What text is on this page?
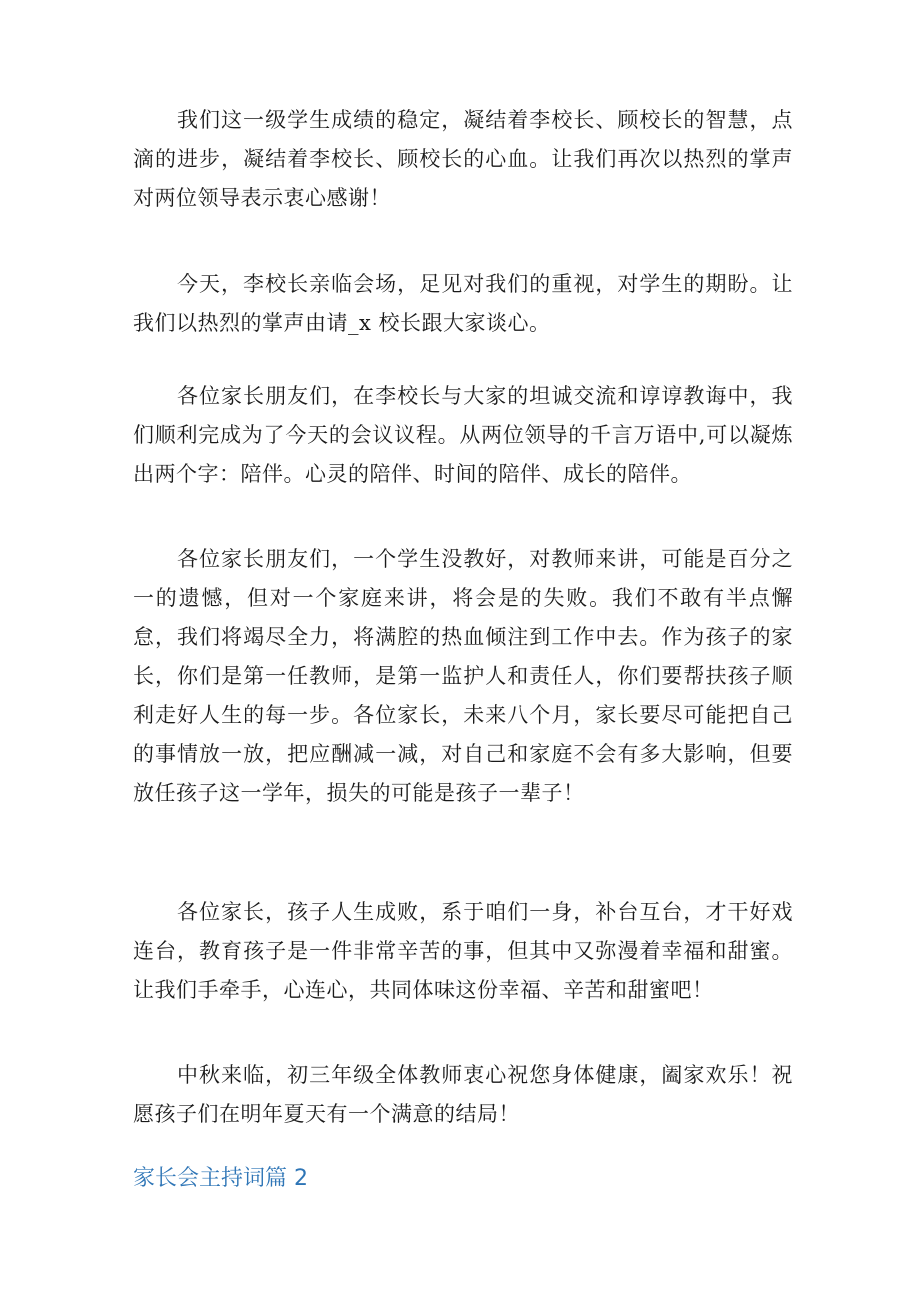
我们这一级学生成绩的稳定，凝结着李校长、顾校长的智慧，点滴的进步，凝结着李校长、顾校长的心血。让我们再次以热烈的掌声对两位领导表示衷心感谢！

今天，李校长亲临会场，足见对我们的重视，对学生的期盼。让我们以热烈的掌声由请_x 校长跟大家谈心。

各位家长朋友们，在李校长与大家的坦诚交流和谆谆教诲中，我们顺利完成为了今天的会议议程。从两位领导的千言万语中,可以凝炼出两个字：陪伴。心灵的陪伴、时间的陪伴、成长的陪伴。

各位家长朋友们，一个学生没教好，对教师来讲，可能是百分之一的遗憾，但对一个家庭来讲，将会是的失败。我们不敢有半点懈怠，我们将竭尽全力，将满腔的热血倾注到工作中去。作为孩子的家长，你们是第一任教师，是第一监护人和责任人，你们要帮扶孩子顺利走好人生的每一步。各位家长，未来八个月，家长要尽可能把自己的事情放一放，把应酬减一减，对自己和家庭不会有多大影响，但要放任孩子这一学年，损失的可能是孩子一辈子！

各位家长，孩子人生成败，系于咱们一身，补台互台，才干好戏连台，教育孩子是一件非常辛苦的事，但其中又弥漫着幸福和甜蜜。让我们手牵手，心连心，共同体味这份幸福、辛苦和甜蜜吧！

中秋来临，初三年级全体教师衷心祝您身体健康，阖家欢乐！祝愿孩子们在明年夏天有一个满意的结局！

家长会主持词篇 2
